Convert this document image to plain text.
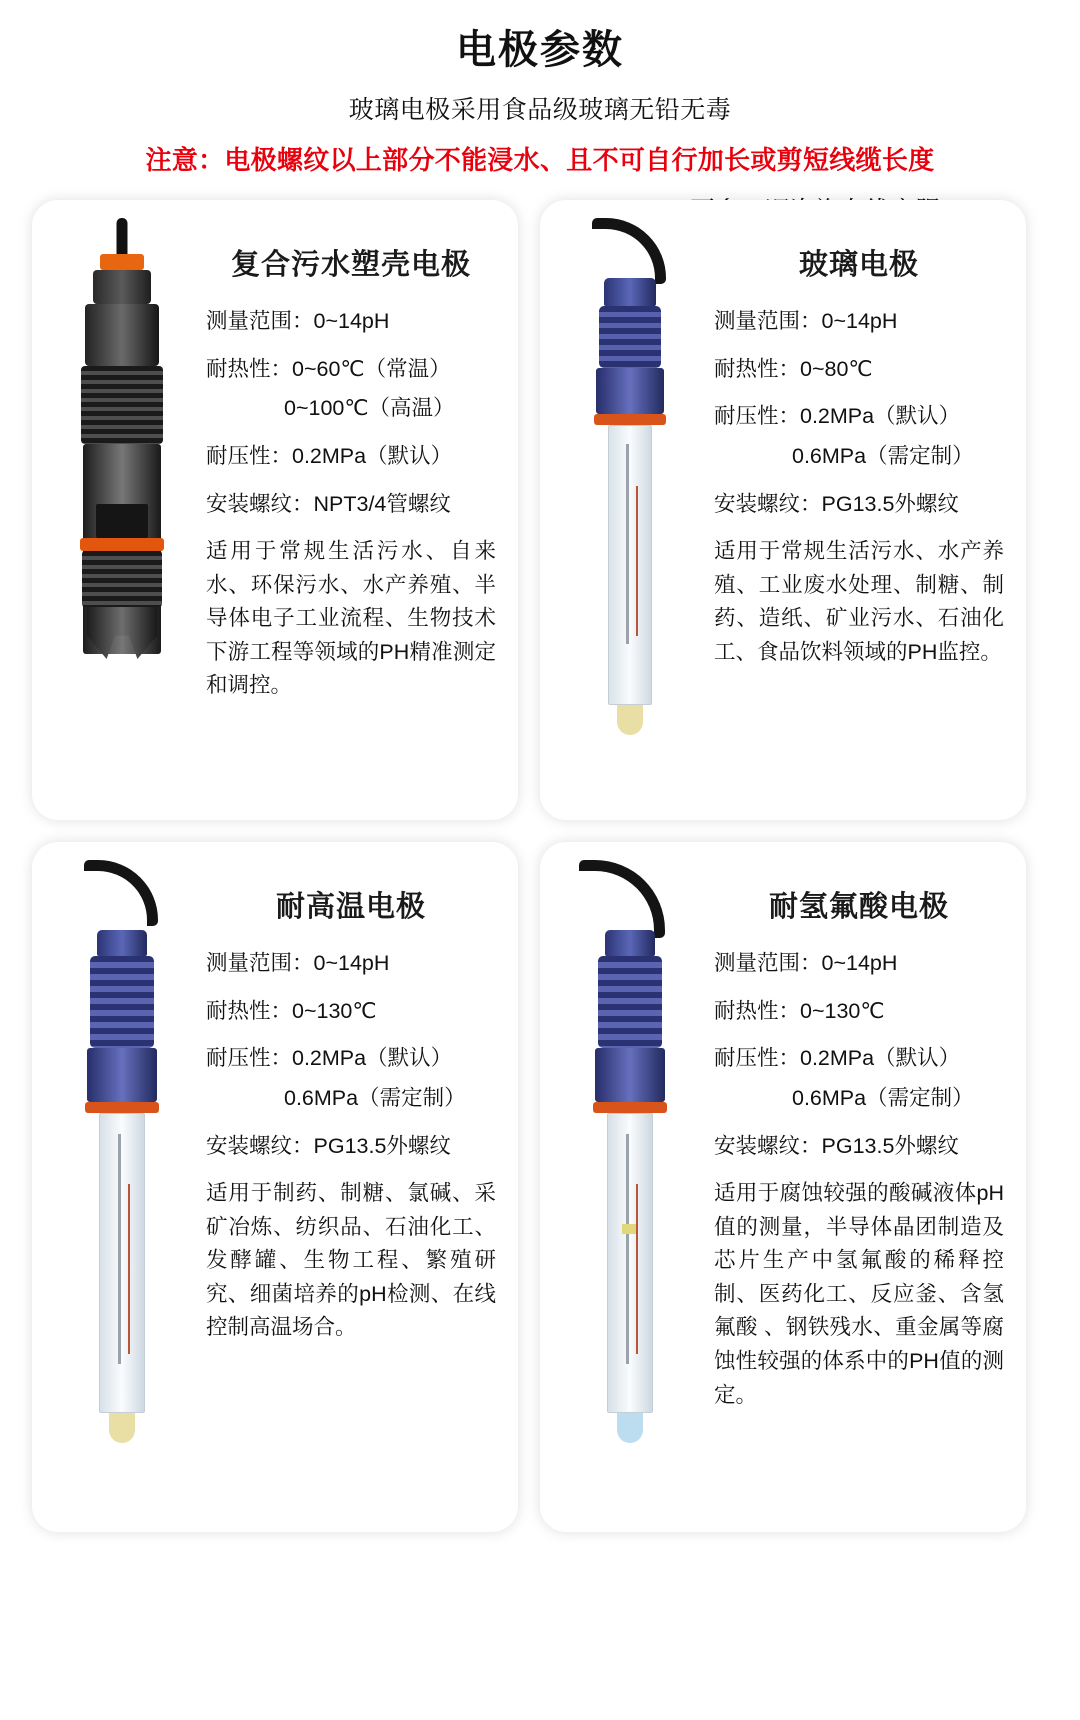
电极参数
玻璃电极采用食品级玻璃无铅无毒
注意：电极螺纹以上部分不能浸水、且不可自行加长或剪短线缆长度
复合污水塑壳电极
测量范围：0~14pH
耐热性：0~60℃（常温）
0~100℃（高温）
耐压性：0.2MPa（默认）
安装螺纹：NPT3/4管螺纹
适用于常规生活污水、自来水、环保污水、水产养殖、半导体电子工业流程、生物技术下游工程等领域的PH精准测定和调控。
玻璃电极
测量范围：0~14pH
耐热性：0~80℃
耐压性：0.2MPa（默认）
0.6MPa（需定制）
安装螺纹：PG13.5外螺纹
适用于常规生活污水、水产养殖、工业废水处理、制糖、制药、造纸、矿业污水、石油化工、食品饮料领域的PH监控。
耐高温电极
测量范围：0~14pH
耐热性：0~130℃
耐压性：0.2MPa（默认）
0.6MPa（需定制）
安装螺纹：PG13.5外螺纹
适用于制药、制糖、氯碱、采矿冶炼、纺织品、石油化工、发酵罐、生物工程、繁殖研究、细菌培养的pH检测、在线控制高温场合。
耐氢氟酸电极
测量范围：0~14pH
耐热性：0~130℃
耐压性：0.2MPa（默认）
0.6MPa（需定制）
安装螺纹：PG13.5外螺纹
适用于腐蚀较强的酸碱液体pH值的测量，半导体晶团制造及芯片生产中氢氟酸的稀释控制、医药化工、反应釜、含氢氟酸 、钢铁残水、重金属等腐蚀性较强的体系中的PH值的测定。
